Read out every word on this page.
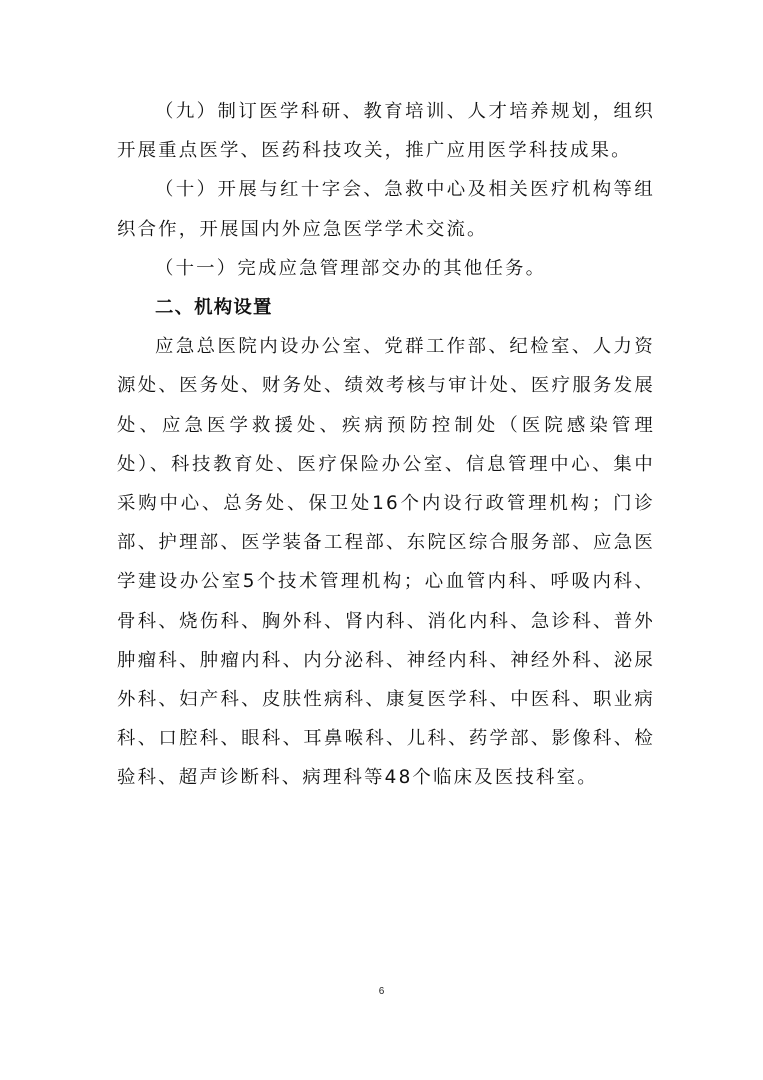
（九）制订医学科研、教育培训、人才培养规划，组织开展重点医学、医药科技攻关，推广应用医学科技成果。

（十）开展与红十字会、急救中心及相关医疗机构等组织合作，开展国内外应急医学学术交流。

（十一）完成应急管理部交办的其他任务。

二、机构设置

应急总医院内设办公室、党群工作部、纪检室、人力资源处、医务处、财务处、绩效考核与审计处、医疗服务发展处、应急医学救援处、疾病预防控制处（医院感染管理处）、科技教育处、医疗保险办公室、信息管理中心、集中采购中心、总务处、保卫处16个内设行政管理机构；门诊部、护理部、医学装备工程部、东院区综合服务部、应急医学建设办公室5个技术管理机构；心血管内科、呼吸内科、骨科、烧伤科、胸外科、肾内科、消化内科、急诊科、普外肿瘤科、肿瘤内科、内分泌科、神经内科、神经外科、泌尿外科、妇产科、皮肤性病科、康复医学科、中医科、职业病科、口腔科、眼科、耳鼻喉科、儿科、药学部、影像科、检验科、超声诊断科、病理科等48个临床及医技科室。

6
